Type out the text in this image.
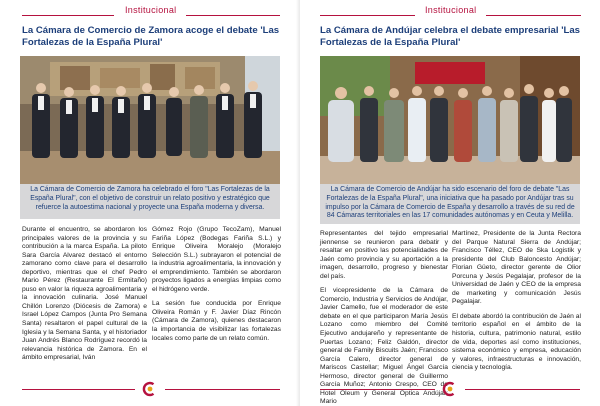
Institucional
La Cámara de Comercio de Zamora acoge el debate 'Las Fortalezas de la España Plural'
La Cámara de Comercio de Zamora ha celebrado el foro "Las Fortalezas de la España Plural", con el objetivo de construir un relato positivo y estratégico que refuerce la autoestima nacional y proyecte una España moderna y diversa.

Durante el encuentro, se abordaron los principales valores de la provincia y su contribución a la marca España. La piloto Sara García Alvarez destacó el entorno zamorano como clave para el desarrollo deportivo, mientras que el chef Pedro Mario Pérez (Restaurante El Ermitaño) puso en valor la riqueza agroalimentaria y la innovación culinaria. José Manuel Chillón Lorenzo (Diócesis de Zamora) e Israel López Campos (Junta Pro Semana Santa) resaltaron el papel cultural de la Iglesia y la Semana Santa, y el historiador Juan Andrés Blanco Rodríguez recordó la relevancia histórica de Zamora. En el ámbito empresarial, Iván

Gómez Rojo (Grupo TecoZam), Manuel Fariña López (Bodegas Fariña S.L.) y Enrique Oliveira Moralejo (Moralejo Selección S.L.) subrayaron el potencial de la industria agroalimentaria, la innovación y el emprendimiento. También se abordaron proyectos ligados a energías limpias como el hidrógeno verde.

La sesión fue conducida por Enrique Oliveira Román y F. Javier Díaz Rincón (Cámara de Zamora), quienes destacaron la importancia de visibilizar las fortalezas locales como parte de un relato común.

Institucional
La Cámara de Andújar celebra el debate empresarial 'Las Fortalezas de la España Plural'
La Cámara de Comercio de Andújar ha sido escenario del foro de debate "Las Fortalezas de la España Plural", una iniciativa que ha pasado por Andújar tras su impulso por la Cámara de Comercio de España y desarrollo a través de su red de 84 Cámaras territoriales en las 17 comunidades autónomas y en Ceuta y Melilla.

Representantes del tejido empresarial jiennense se reunieron para debatir y resaltar en positivo las potencialidades de Jaén como provincia y su aportación a la imagen, desarrollo, progreso y bienestar del país.

El vicepresidente de la Cámara de Comercio, Industria y Servicios de Andújar, Javier Camello, fue el moderador de este debate en el que participaron María Jesús Lozano como miembro del Comité Ejecutivo andujareño y representante de Puertas Lozano; Feliz Galdón, director general de Family Biscuits Jaén; Francisco García Calero, director general de Mariscos Castellar; Miguel Ángel García Hermoso, director general de Guillermo García Muñoz; Antonio Crespo, CEO de Hotel Oleum y General Óptica Andújar; Mario

Martínez, Presidente de la Junta Rectora del Parque Natural Sierra de Andújar; Francisco Téllez, CEO de Ska Logistik y presidente del Club Baloncesto Andújar; Florian Güeto, director gerente de Olior Porcuna y Jesús Pegalajar, profesor de la Universidad de Jaén y CEO de la empresa de marketing y comunicación Jesús Pegalajar.

El debate abordó la contribución de Jaén al territorio español en el ámbito de la historia, cultura, patrimonio natural, estilo de vida, deportes así como instituciones, sistema económico y empresa, educación y valores, infraestructuras e innovación, ciencia y tecnología.
